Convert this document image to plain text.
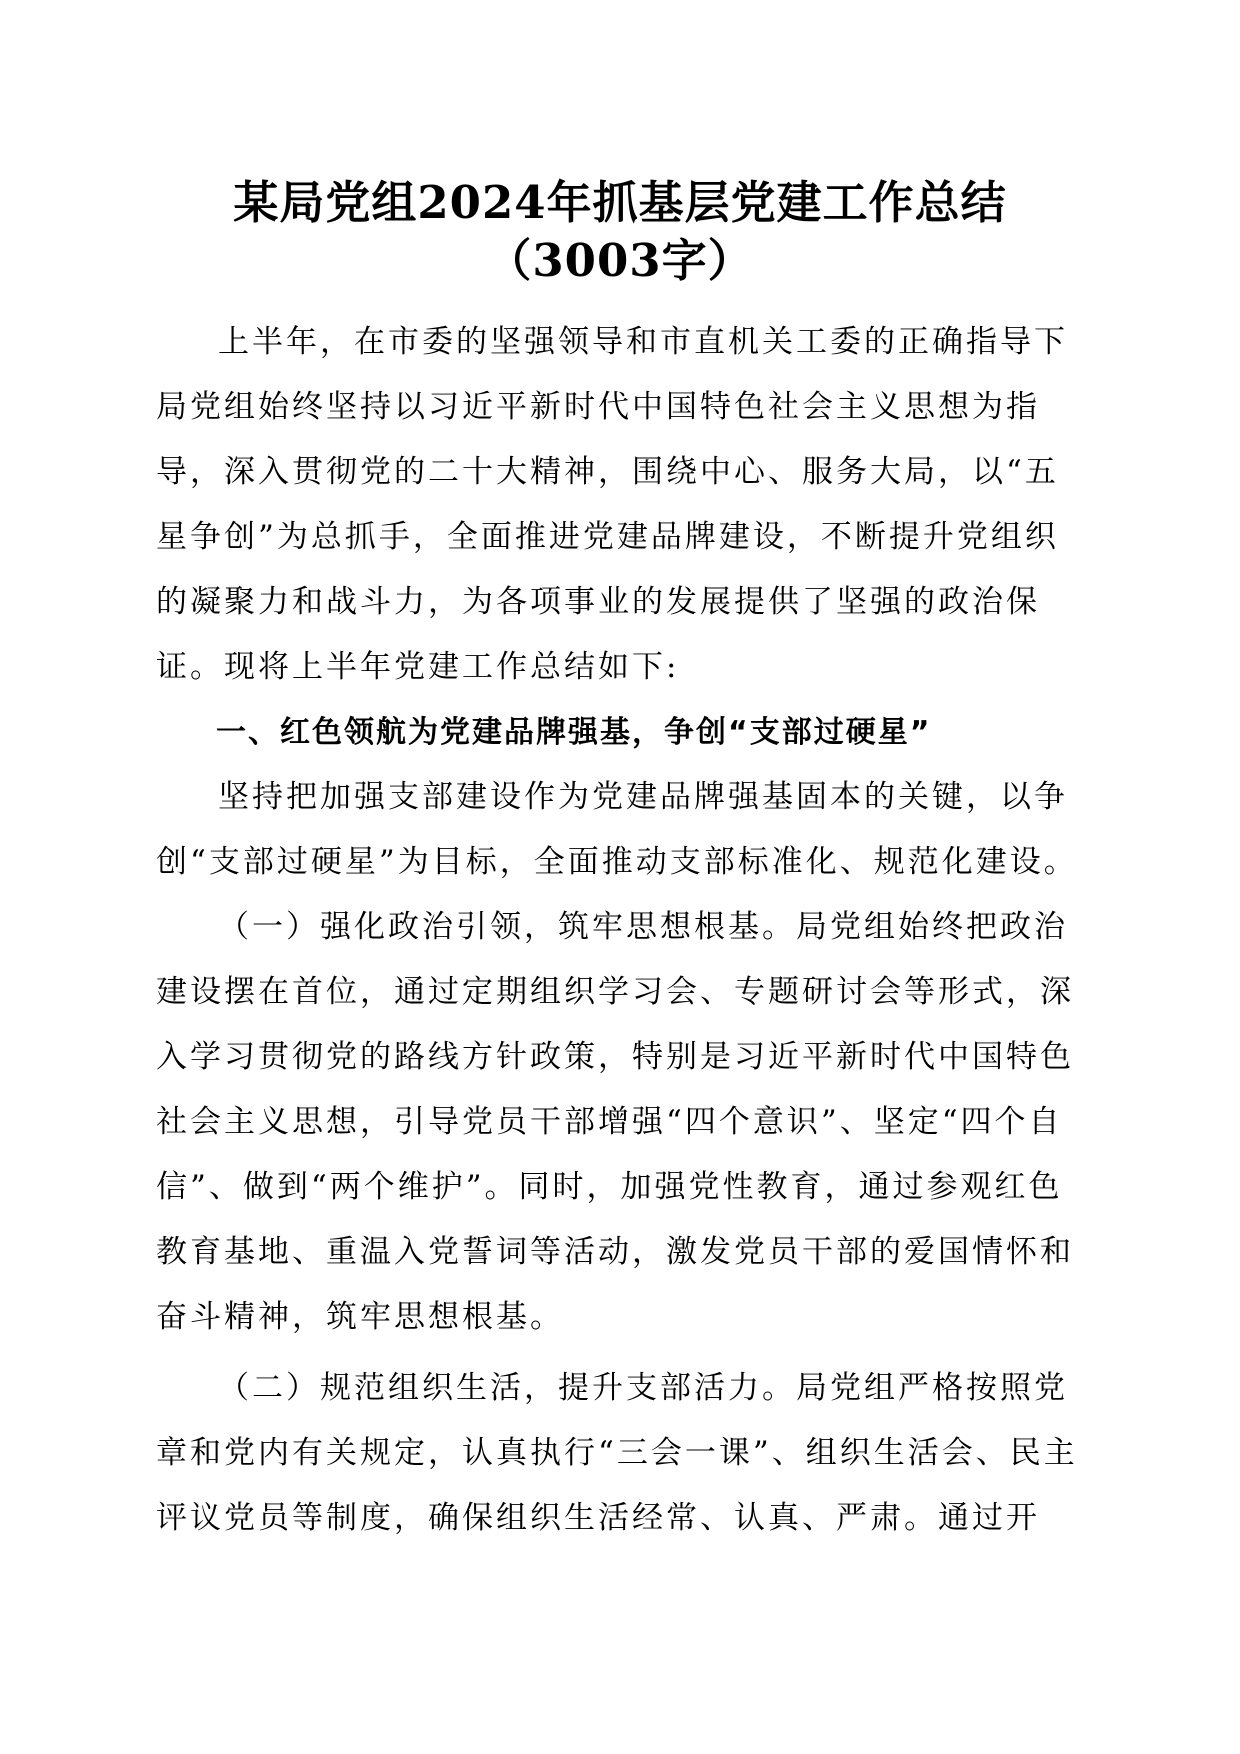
某局党组2024年抓基层党建工作总结（3003字）

上半年，在市委的坚强领导和市直机关工委的正确指导下局党组始终坚持以习近平新时代中国特色社会主义思想为指导，深入贯彻党的二十大精神，围绕中心、服务大局，以“五星争创”为总抓手，全面推进党建品牌建设，不断提升党组织的凝聚力和战斗力，为各项事业的发展提供了坚强的政治保证。现将上半年党建工作总结如下:

一、红色领航为党建品牌强基，争创“支部过硬星”

坚持把加强支部建设作为党建品牌强基固本的关键，以争创“支部过硬星”为目标，全面推动支部标准化、规范化建设。

（一）强化政治引领，筑牢思想根基。局党组始终把政治建设摆在首位，通过定期组织学习会、专题研讨会等形式，深入学习贯彻党的路线方针政策，特别是习近平新时代中国特色社会主义思想，引导党员干部增强“四个意识”、坚定“四个自信”、做到“两个维护”。同时，加强党性教育，通过参观红色教育基地、重温入党誓词等活动，激发党员干部的爱国情怀和奋斗精神，筑牢思想根基。

（二）规范组织生活，提升支部活力。局党组严格按照党章和党内有关规定，认真执行“三会一课”、组织生活会、民主评议党员等制度，确保组织生活经常、认真、严肃。通过开
